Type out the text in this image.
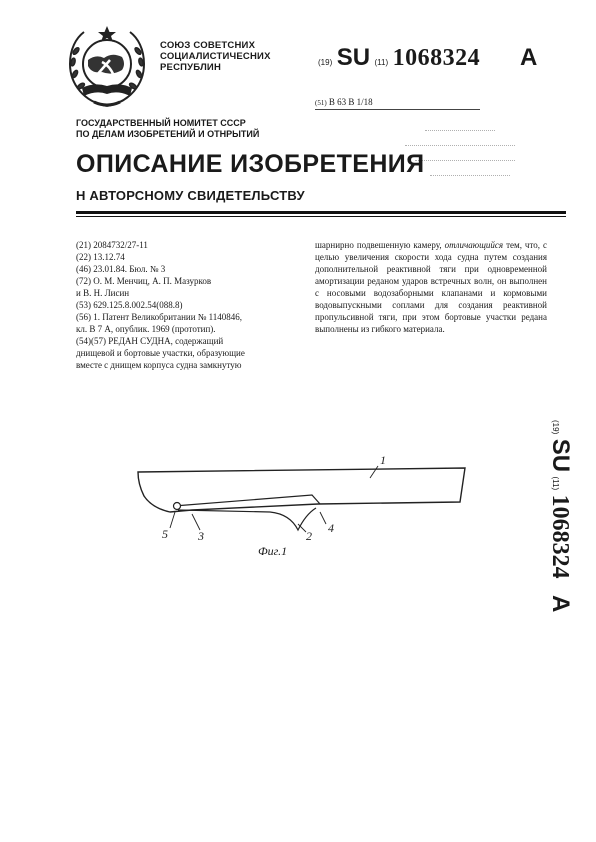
СОЮЗ СОВЕТСНИХ
СОЦИАЛИСТИЧЕСНИХ
РЕСПУБЛИН	(19) SU (11) 1068324 A
(51) В 63 В 1/18
ГОСУДАРСТВЕННЫЙ НОМИТЕТ СССР
ПО ДЕЛАМ ИЗОБРЕТЕНИЙ И ОТНРЫТИЙ

ОПИСАНИЕ ИЗОБРЕТЕНИЯ
Н АВТОРСНОМУ СВИДЕТЕЛЬСТВУ
(21) 2084732/27-11
(22) 13.12.74
(46) 23.01.84. Бюл. № 3
(72) О. М. Менчиц, А. П. Мазурков
и В. Н. Лисин
(53) 629.125.8.002.54(088.8)
(56) 1. Патент Великобритании № 1140846,
кл. В 7 А, опублик. 1969 (прототип).
(54)(57) РЕДАН СУДНА, содержащий
днищевой и бортовые участки, образующие
вместе с днищем корпуса судна замкнутую
шарнирно подвешенную камеру, отличающийся тем, что, с целью увеличения скорости хода судна путем создания дополнительной реактивной тяги при одновременной амортизации реданом ударов встречных волн, он выполнен с носовыми водозаборными клапанами и кормовыми водовыпускными соплами для создания реактивной пропульсивной тяги, при этом бортовые участки редана выполнены из гибкого материала.
1
2
3
4
5
Фиг.1
(19) SU (11) 1068324 A
